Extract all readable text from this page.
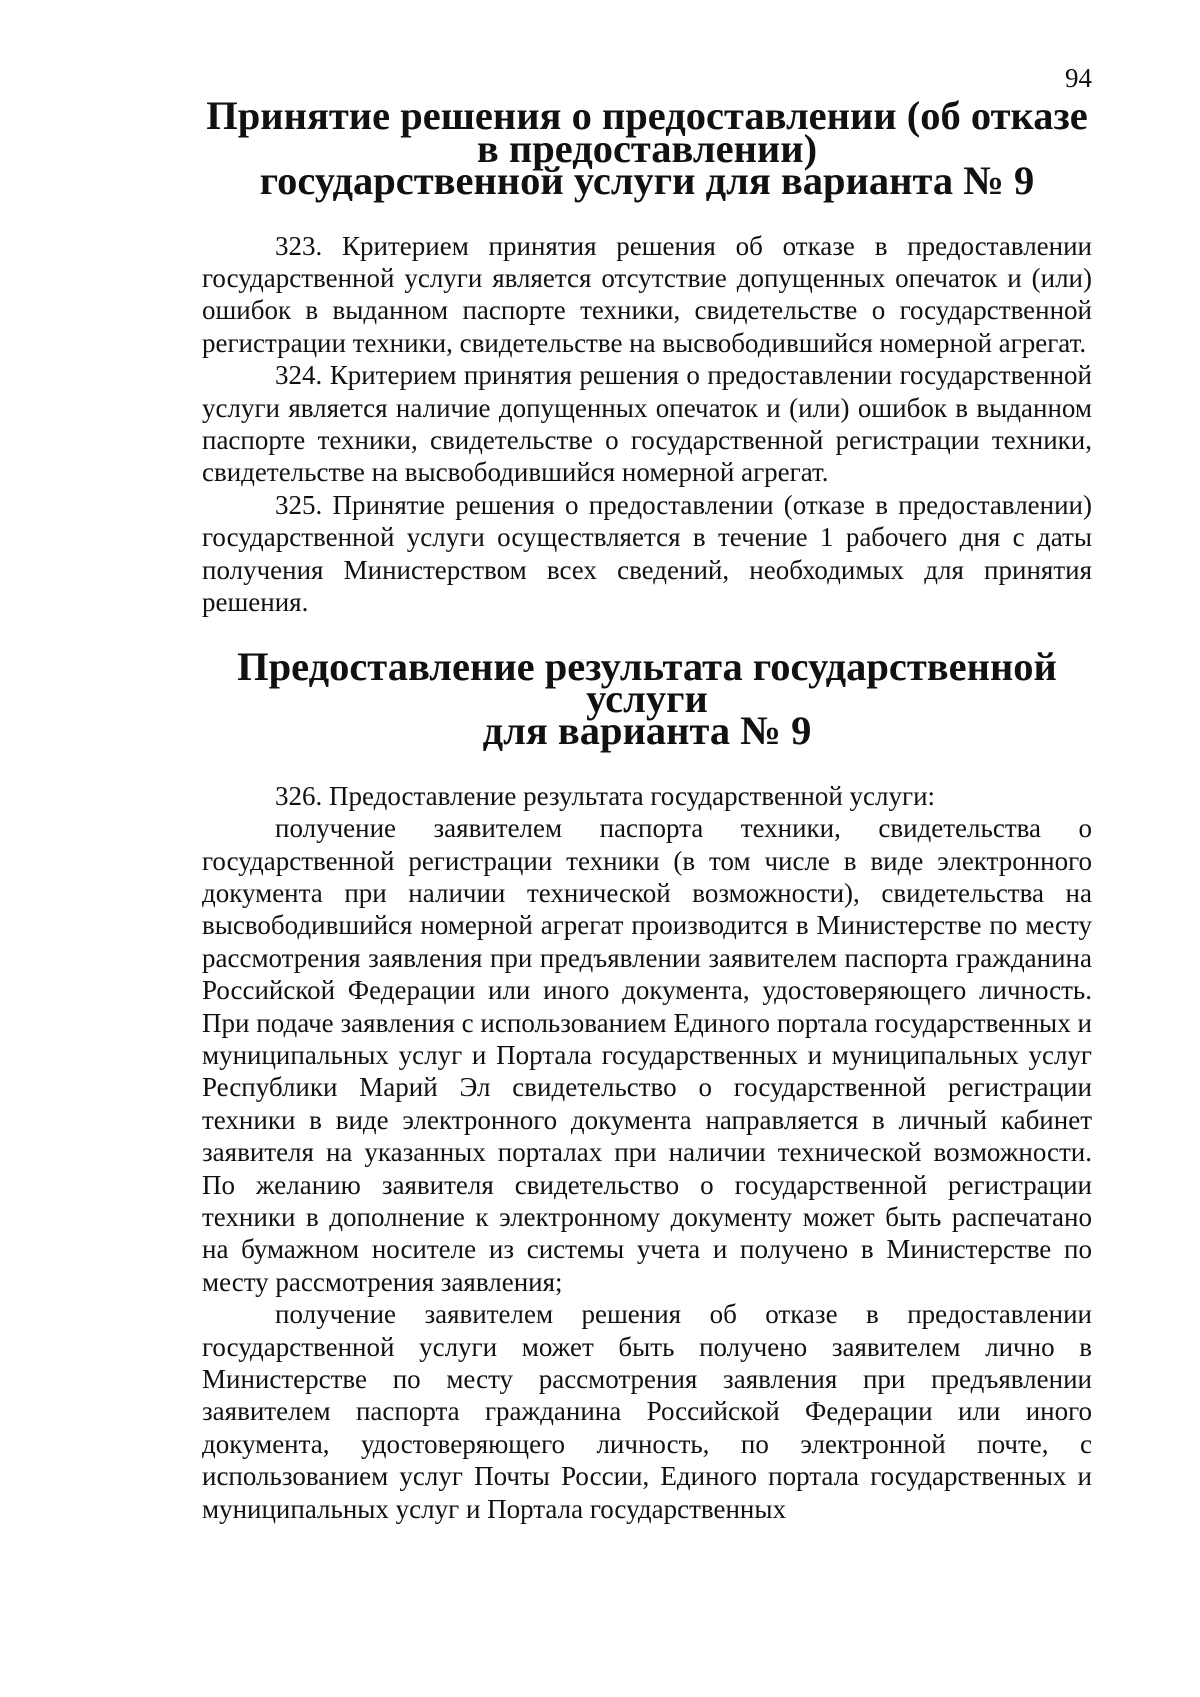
94
Принятие решения о предоставлении (об отказе в предоставлении)
государственной услуги для варианта № 9

323. Критерием принятия решения об отказе в предоставлении государственной услуги является отсутствие допущенных опечаток и (или) ошибок в выданном паспорте техники, свидетельстве о государственной регистрации техники, свидетельстве на высвободившийся номерной агрегат.

324. Критерием принятия решения о предоставлении государственной услуги является наличие допущенных опечаток и (или) ошибок в выданном паспорте техники, свидетельстве о государственной регистрации техники, свидетельстве на высвободившийся номерной агрегат.

325. Принятие решения о предоставлении (отказе в предоставлении) государственной услуги осуществляется в течение 1 рабочего дня с даты получения Министерством всех сведений, необходимых для принятия решения.

Предоставление результата государственной услуги
для варианта № 9

326. Предоставление результата государственной услуги:

получение заявителем паспорта техники, свидетельства о государственной регистрации техники (в том числе в виде электронного документа при наличии технической возможности), свидетельства на высвободившийся номерной агрегат производится в Министерстве по месту рассмотрения заявления при предъявлении заявителем паспорта гражданина Российской Федерации или иного документа, удостоверяющего личность. При подаче заявления с использованием Единого портала государственных и муниципальных услуг и Портала государственных и муниципальных услуг Республики Марий Эл свидетельство о государственной регистрации техники в виде электронного документа направляется в личный кабинет заявителя на указанных порталах при наличии технической возможности. По желанию заявителя свидетельство о государственной регистрации техники в дополнение к электронному документу может быть распечатано на бумажном носителе из системы учета и получено в Министерстве по месту рассмотрения заявления;

получение заявителем решения об отказе в предоставлении государственной услуги может быть получено заявителем лично в Министерстве по месту рассмотрения заявления при предъявлении заявителем паспорта гражданина Российской Федерации или иного документа, удостоверяющего личность, по электронной почте, с использованием услуг Почты России, Единого портала государственных и муниципальных услуг и Портала государственных
